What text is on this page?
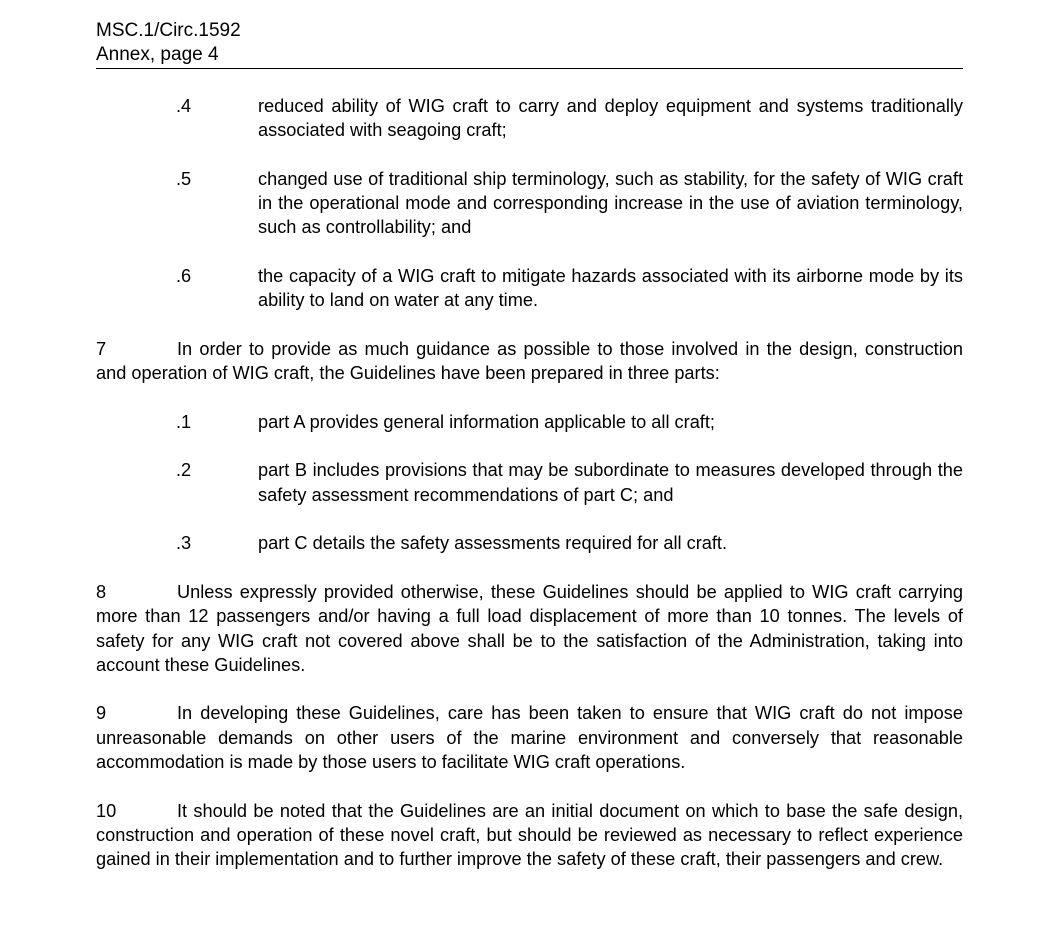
MSC.1/Circ.1592
Annex, page 4

.4	reduced ability of WIG craft to carry and deploy equipment and systems traditionally associated with seagoing craft;

.5	changed use of traditional ship terminology, such as stability, for the safety of WIG craft in the operational mode and corresponding increase in the use of aviation terminology, such as controllability; and

.6	the capacity of a WIG craft to mitigate hazards associated with its airborne mode by its ability to land on water at any time.

7	In order to provide as much guidance as possible to those involved in the design, construction and operation of WIG craft, the Guidelines have been prepared in three parts:

.1	part A provides general information applicable to all craft;

.2	part B includes provisions that may be subordinate to measures developed through the safety assessment recommendations of part C; and

.3	part C details the safety assessments required for all craft.

8	Unless expressly provided otherwise, these Guidelines should be applied to WIG craft carrying more than 12 passengers and/or having a full load displacement of more than 10 tonnes. The levels of safety for any WIG craft not covered above shall be to the satisfaction of the Administration, taking into account these Guidelines.

9	In developing these Guidelines, care has been taken to ensure that WIG craft do not impose unreasonable demands on other users of the marine environment and conversely that reasonable accommodation is made by those users to facilitate WIG craft operations.

10	It should be noted that the Guidelines are an initial document on which to base the safe design, construction and operation of these novel craft, but should be reviewed as necessary to reflect experience gained in their implementation and to further improve the safety of these craft, their passengers and crew.
